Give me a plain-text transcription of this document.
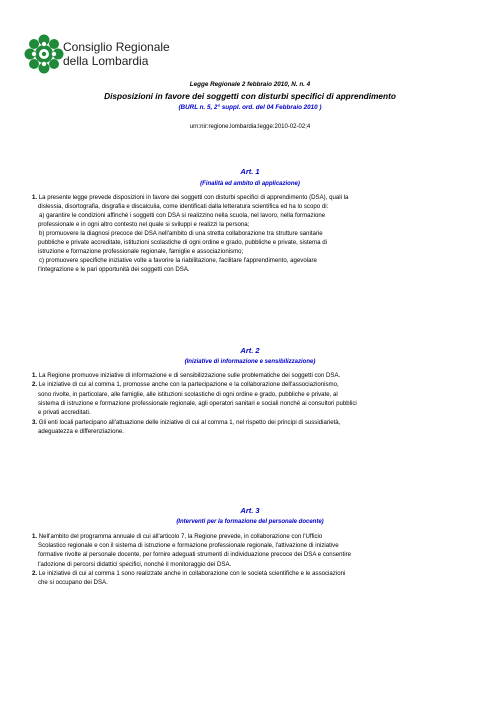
Consiglio Regionale
della Lombardia
Legge Regionale 2 febbraio 2010, N. n. 4
Disposizioni in favore dei soggetti con disturbi specifici di apprendimento
(BURL n. 5, 2° suppl. ord. del 04 Febbraio 2010 )
urn:nir:regione.lombardia:legge:2010-02-02;4
Art. 1
(Finalità ed ambito di applicazione)
1. La presente legge prevede disposizioni in favore dei soggetti con disturbi specifici di apprendimento (DSA), quali la
dislessia, disortografia, disgrafia e discalculia, come identificati dalla letteratura scientifica ed ha lo scopo di:
a) garantire le condizioni affinché i soggetti con DSA si realizzino nella scuola, nel lavoro, nella formazione
professionale e in ogni altro contesto nel quale si sviluppi e realizzi la persona;
b) promuovere la diagnosi precoce dei DSA nell'ambito di una stretta collaborazione tra strutture sanitarie
pubbliche e private accreditate, istituzioni scolastiche di ogni ordine e grado, pubbliche e private, sistema di
istruzione e formazione professionale regionale, famiglie e associazionismo;
c) promuovere specifiche iniziative volte a favorire la riabilitazione, facilitare l'apprendimento, agevolare
l'integrazione e le pari opportunità dei soggetti con DSA.
Art. 2
(Iniziative di informazione e sensibilizzazione)
1. La Regione promuove iniziative di informazione e di sensibilizzazione sulle problematiche dei soggetti con DSA.
2. Le iniziative di cui al comma 1, promosse anche con la partecipazione e la collaborazione dell'associazionismo,
sono rivolte, in particolare, alle famiglie, alle istituzioni scolastiche di ogni ordine e grado, pubbliche e private, al
sistema di istruzione e formazione professionale regionale, agli operatori sanitari e sociali nonché ai consultori pubblici
e privati accreditati.
3. Gli enti locali partecipano all'attuazione delle iniziative di cui al comma 1, nel rispetto dei principi di sussidiarietà,
adeguatezza e differenziazione.
Art. 3
(Interventi per la formazione del personale docente)
1. Nell'ambito del programma annuale di cui all'articolo 7, la Regione prevede, in collaborazione con l'Ufficio
Scolastico regionale e con il sistema di istruzione e formazione professionale regionale, l'attivazione di iniziative
formative rivolte al personale docente, per fornire adeguati strumenti di individuazione precoce dei DSA e consentire
l'adozione di percorsi didattici specifici, nonché il monitoraggio dei DSA.
2. Le iniziative di cui al comma 1 sono realizzate anche in collaborazione con le società scientifiche e le associazioni
che si occupano dei DSA.
